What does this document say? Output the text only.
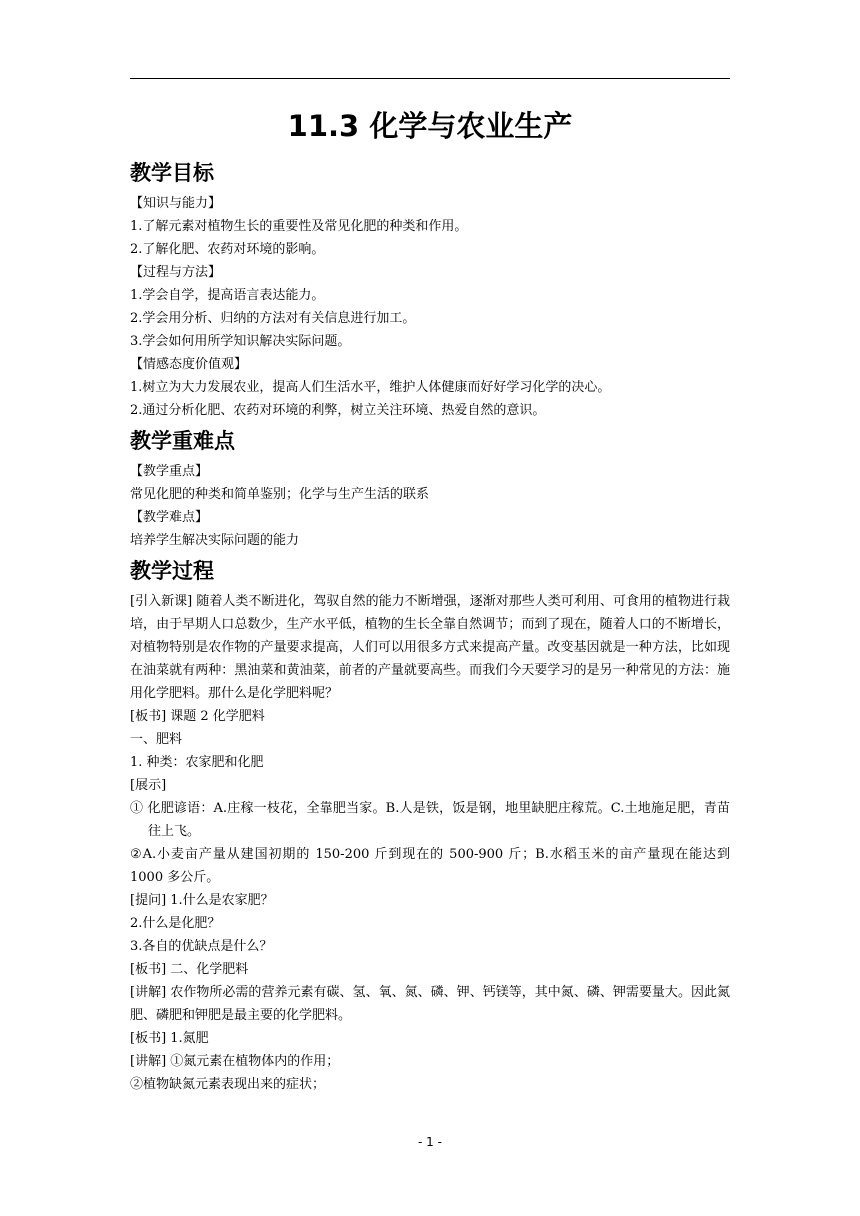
11.3 化学与农业生产
教学目标

【知识与能力】

1.了解元素对植物生长的重要性及常见化肥的种类和作用。

2.了解化肥、农药对环境的影响。

【过程与方法】

1.学会自学，提高语言表达能力。

2.学会用分析、归纳的方法对有关信息进行加工。

3.学会如何用所学知识解决实际问题。

【情感态度价值观】

1.树立为大力发展农业，提高人们生活水平，维护人体健康而好好学习化学的决心。

2.通过分析化肥、农药对环境的利弊，树立关注环境、热爱自然的意识。

教学重难点

【教学重点】

常见化肥的种类和简单鉴别；化学与生产生活的联系

【教学难点】

培养学生解决实际问题的能力

教学过程

[引入新课] 随着人类不断进化，驾驭自然的能力不断增强，逐渐对那些人类可利用、可食用的植物进行栽培，由于早期人口总数少，生产水平低，植物的生长全靠自然调节；而到了现在，随着人口的不断增长，对植物特别是农作物的产量要求提高，人们可以用很多方式来提高产量。改变基因就是一种方法，比如现在油菜就有两种：黑油菜和黄油菜，前者的产量就要高些。而我们今天要学习的是另一种常见的方法：施用化学肥料。那什么是化学肥料呢？

[板书] 课题 2 化学肥料

一、肥料

1. 种类：农家肥和化肥

[展示]

① 化肥谚语：A.庄稼一枝花，全靠肥当家。B.人是铁，饭是钢，地里缺肥庄稼荒。C.土地施足肥，青苗往上飞。

②A.小麦亩产量从建国初期的 150-200 斤到现在的 500-900 斤；B.水稻玉米的亩产量现在能达到 1000 多公斤。

[提问] 1.什么是农家肥？

2.什么是化肥？

3.各自的优缺点是什么？

[板书] 二、化学肥料

[讲解] 农作物所必需的营养元素有碳、氢、氧、氮、磷、钾、钙镁等，其中氮、磷、钾需要量大。因此氮肥、磷肥和钾肥是最主要的化学肥料。

[板书] 1.氮肥

[讲解] ①氮元素在植物体内的作用；

②植物缺氮元素表现出来的症状；

- 1 -
